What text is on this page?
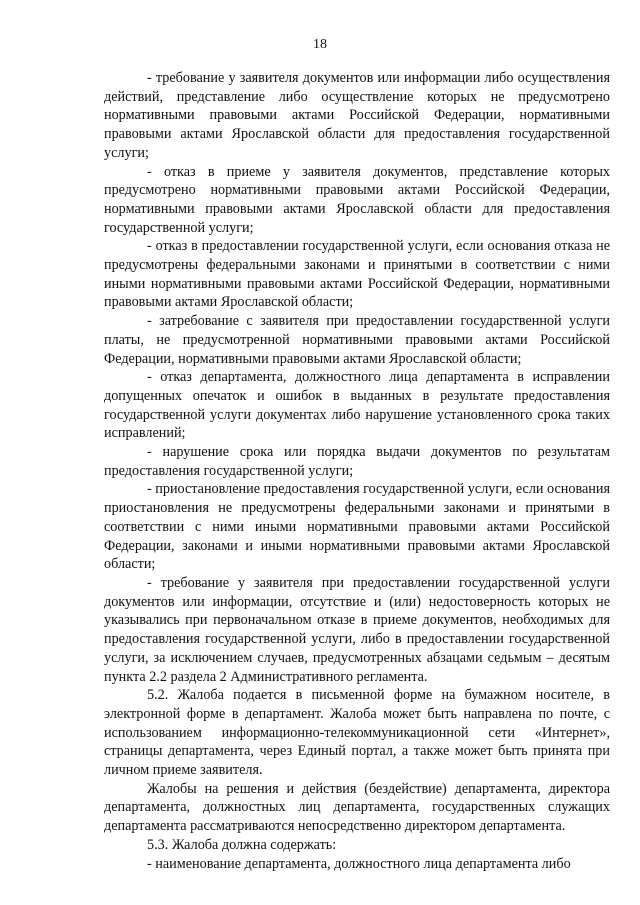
18

- требование у заявителя документов или информации либо осуществления действий, представление либо осуществление которых не предусмотрено нормативными правовыми актами Российской Федерации, нормативными правовыми актами Ярославской области для предоставления государственной услуги;

- отказ в приеме у заявителя документов, представление которых предусмотрено нормативными правовыми актами Российской Федерации, нормативными правовыми актами Ярославской области для предоставления государственной услуги;

- отказ в предоставлении государственной услуги, если основания отказа не предусмотрены федеральными законами и принятыми в соответствии с ними иными нормативными правовыми актами Российской Федерации, нормативными правовыми актами Ярославской области;

- затребование с заявителя при предоставлении государственной услуги платы, не предусмотренной нормативными правовыми актами Российской Федерации, нормативными правовыми актами Ярославской области;

- отказ департамента, должностного лица департамента в исправлении допущенных опечаток и ошибок в выданных в результате предоставления государственной услуги документах либо нарушение установленного срока таких исправлений;

- нарушение срока или порядка выдачи документов по результатам предоставления государственной услуги;

- приостановление предоставления государственной услуги, если основания приостановления не предусмотрены федеральными законами и принятыми в соответствии с ними иными нормативными правовыми актами Российской Федерации, законами и иными нормативными правовыми актами Ярославской области;

- требование у заявителя при предоставлении государственной услуги документов или информации, отсутствие и (или) недостоверность которых не указывались при первоначальном отказе в приеме документов, необходимых для предоставления государственной услуги, либо в предоставлении государственной услуги, за исключением случаев, предусмотренных абзацами седьмым – десятым пункта 2.2 раздела 2 Административного регламента.

5.2. Жалоба подается в письменной форме на бумажном носителе, в электронной форме в департамент. Жалоба может быть направлена по почте, с использованием информационно-телекоммуникационной сети «Интернет», страницы департамента, через Единый портал, а также может быть принята при личном приеме заявителя.

Жалобы на решения и действия (бездействие) департамента, директора департамента, должностных лиц департамента, государственных служащих департамента рассматриваются непосредственно директором департамента.

5.3. Жалоба должна содержать:

- наименование департамента, должностного лица департамента либо
